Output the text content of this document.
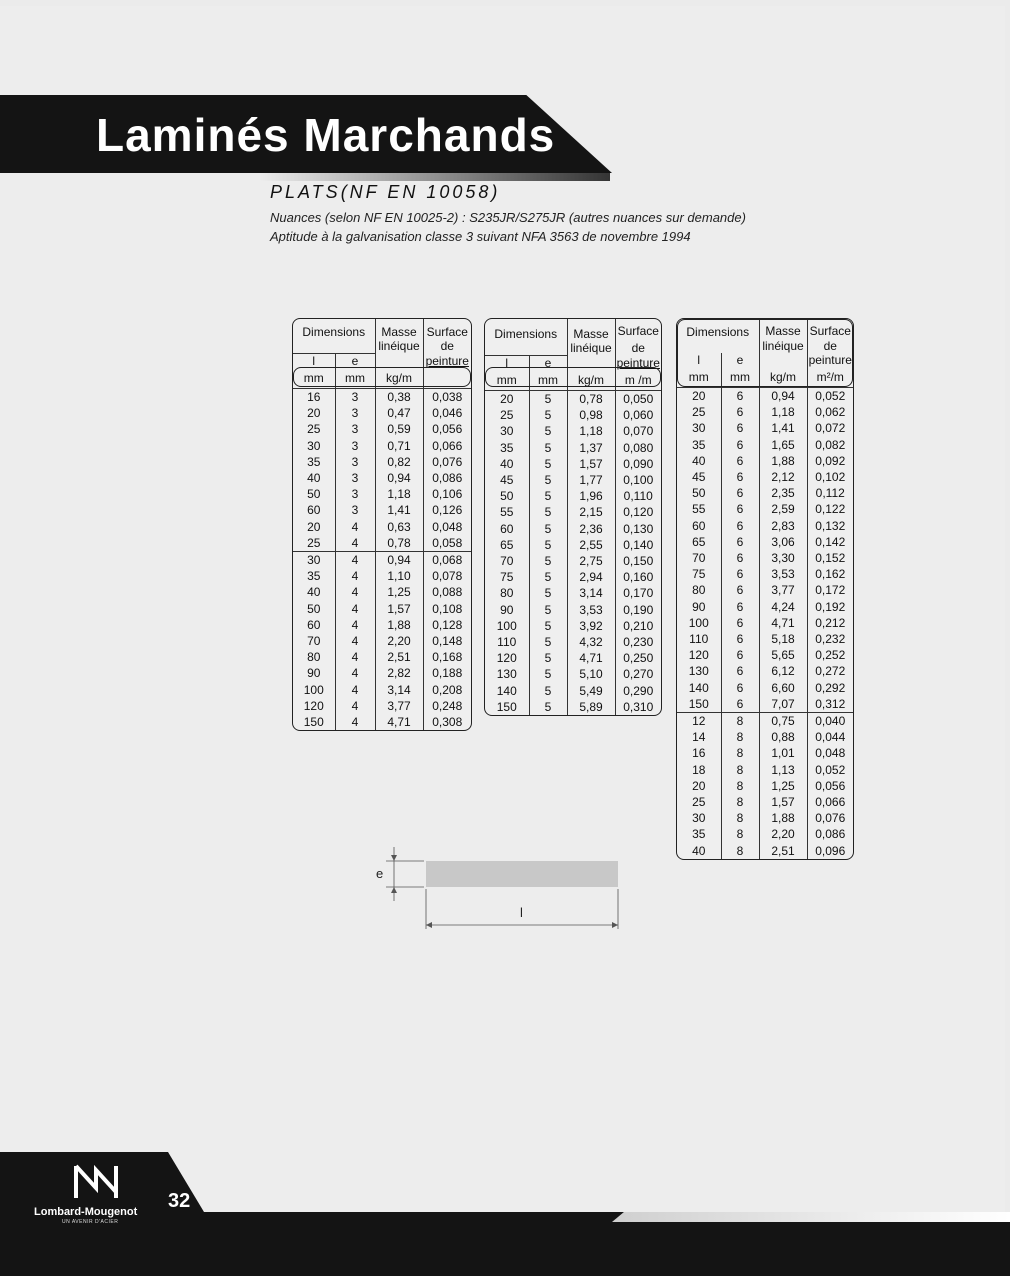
Laminés Marchands
PLATS(NF EN 10058)
Nuances (selon NF EN 10025-2) : S235JR/S275JR (autres nuances sur demande)
Aptitude à la galvanisation classe 3 suivant NFA 3563 de novembre 1994
Dimensions		Masse	Surface
		linéique	de
l	e		peinture
mm	mm	kg/m	
16	3	0,38	0,038
20	3	0,47	0,046
25	3	0,59	0,056
30	3	0,71	0,066
35	3	0,82	0,076
40	3	0,94	0,086
50	3	1,18	0,106
60	3	1,41	0,126
20	4	0,63	0,048
25	4	0,78	0,058
30	4	0,94	0,068
35	4	1,10	0,078
40	4	1,25	0,088
50	4	1,57	0,108
60	4	1,88	0,128
70	4	2,20	0,148
80	4	2,51	0,168
90	4	2,82	0,188
100	4	3,14	0,208
120	4	3,77	0,248
150	4	4,71	0,308
Dimensions		Masse	Surface
		linéique	de
l	e		peinture
mm	mm	kg/m	m /m
20	5	0,78	0,050
25	5	0,98	0,060
30	5	1,18	0,070
35	5	1,37	0,080
40	5	1,57	0,090
45	5	1,77	0,100
50	5	1,96	0,110
55	5	2,15	0,120
60	5	2,36	0,130
65	5	2,55	0,140
70	5	2,75	0,150
75	5	2,94	0,160
80	5	3,14	0,170
90	5	3,53	0,190
100	5	3,92	0,210
110	5	4,32	0,230
120	5	4,71	0,250
130	5	5,10	0,270
140	5	5,49	0,290
150	5	5,89	0,310
Dimensions		Masse	Surface
		linéique	de
l	e		peinture
mm	mm	kg/m	m²/m
20	6	0,94	0,052
25	6	1,18	0,062
30	6	1,41	0,072
35	6	1,65	0,082
40	6	1,88	0,092
45	6	2,12	0,102
50	6	2,35	0,112
55	6	2,59	0,122
60	6	2,83	0,132
65	6	3,06	0,142
70	6	3,30	0,152
75	6	3,53	0,162
80	6	3,77	0,172
90	6	4,24	0,192
100	6	4,71	0,212
110	6	5,18	0,232
120	6	5,65	0,252
130	6	6,12	0,272
140	6	6,60	0,292
150	6	7,07	0,312
12	8	0,75	0,040
14	8	0,88	0,044
16	8	1,01	0,048
18	8	1,13	0,052
20	8	1,25	0,056
25	8	1,57	0,066
30	8	1,88	0,076
35	8	2,20	0,086
40	8	2,51	0,096
e
l
Lombard-Mougenot
UN AVENIR D'ACIER
32
